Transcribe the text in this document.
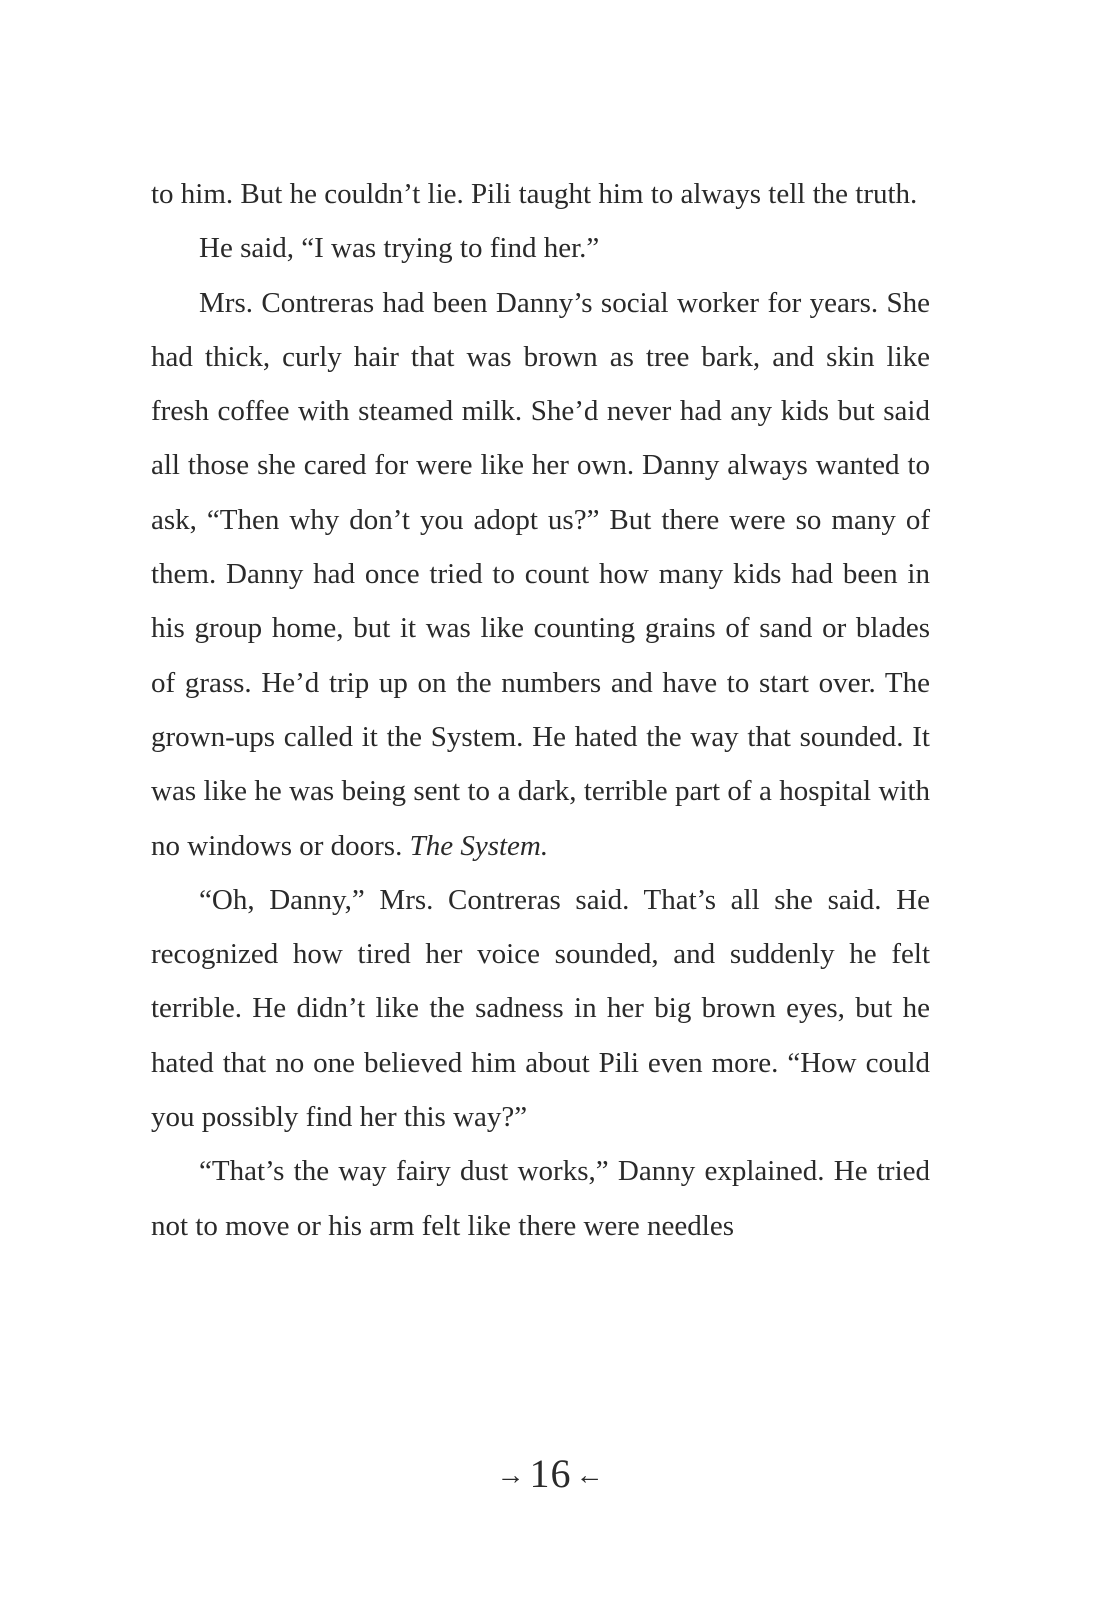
to him. But he couldn’t lie. Pili taught him to always tell the truth.

He said, “I was trying to find her.”

Mrs. Contreras had been Danny’s social worker for years. She had thick, curly hair that was brown as tree bark, and skin like fresh coffee with steamed milk. She’d never had any kids but said all those she cared for were like her own. Danny always wanted to ask, “Then why don’t you adopt us?” But there were so many of them. Danny had once tried to count how many kids had been in his group home, but it was like counting grains of sand or blades of grass. He’d trip up on the numbers and have to start over. The grown-ups called it the System. He hated the way that sounded. It was like he was being sent to a dark, terrible part of a hospital with no windows or doors. The System.

“Oh, Danny,” Mrs. Contreras said. That’s all she said. He recognized how tired her voice sounded, and suddenly he felt terrible. He didn’t like the sadness in her big brown eyes, but he hated that no one believed him about Pili even more. “How could you possibly find her this way?”

“That’s the way fairy dust works,” Danny explained. He tried not to move or his arm felt like there were needles

→ 16 ←
